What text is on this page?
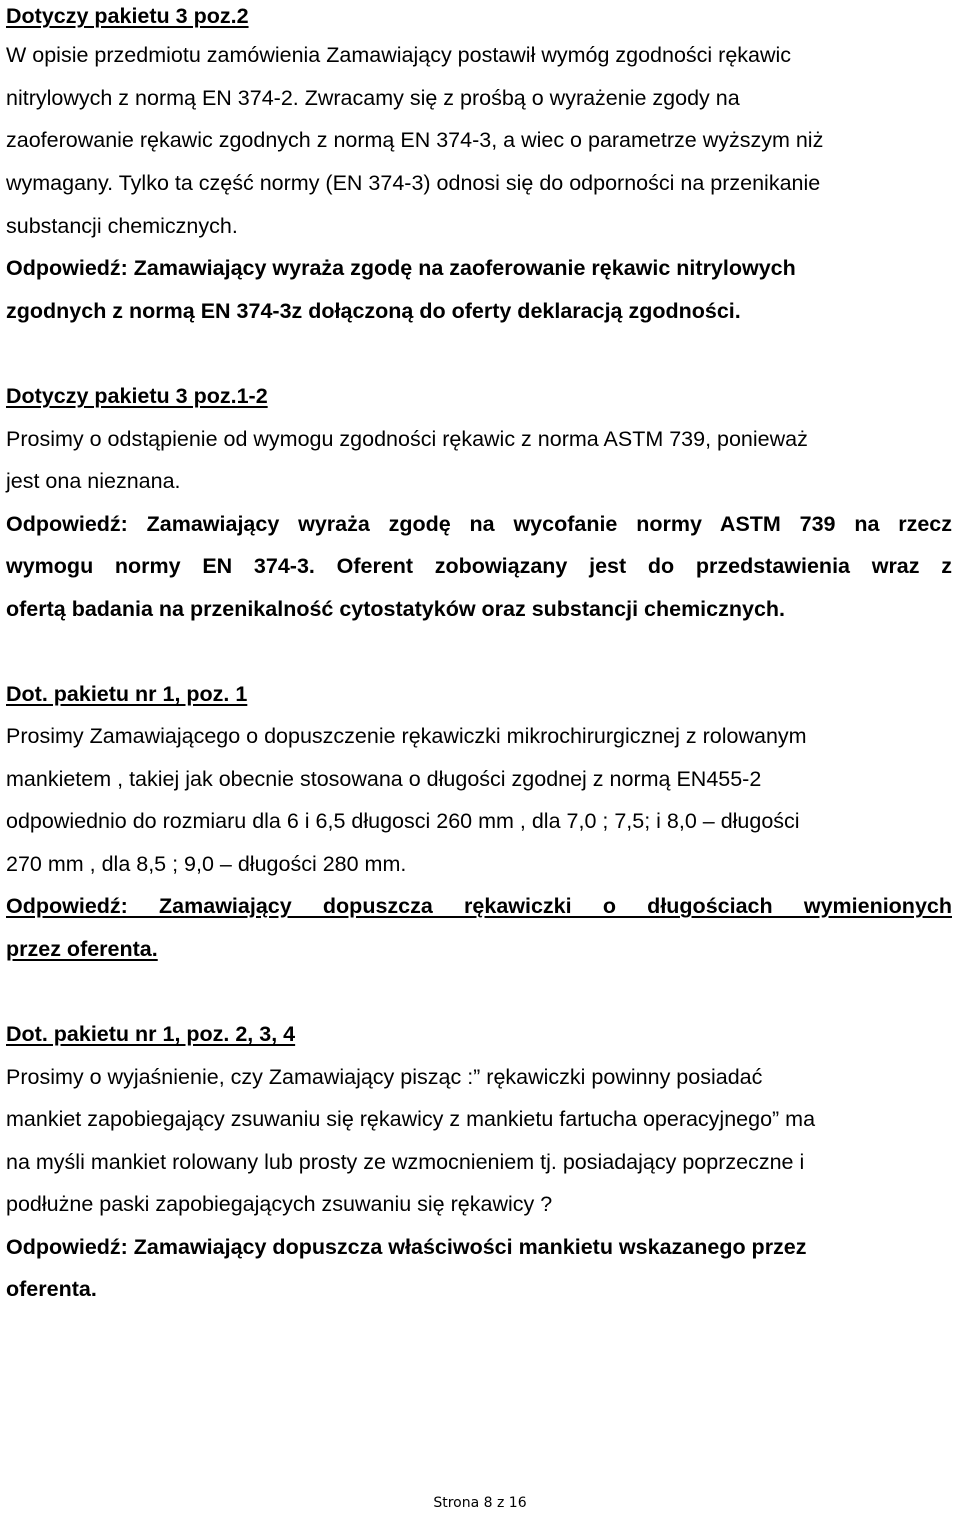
Dotyczy pakietu 3 poz.2
W opisie przedmiotu zamówienia Zamawiający postawił wymóg zgodności rękawic
nitrylowych z normą EN 374-2. Zwracamy się z prośbą o wyrażenie zgody na
zaoferowanie rękawic zgodnych z normą EN 374-3, a wiec o parametrze wyższym niż
wymagany. Tylko ta część normy (EN 374-3) odnosi się do odporności na przenikanie
substancji chemicznych.
Odpowiedź: Zamawiający wyraża zgodę na zaoferowanie rękawic nitrylowych
zgodnych z normą EN 374-3z dołączoną do oferty deklaracją zgodności.
Dotyczy pakietu 3 poz.1-2
Prosimy o odstąpienie od wymogu zgodności rękawic z norma ASTM 739, ponieważ
jest ona nieznana.
Odpowiedź: Zamawiający wyraża zgodę na wycofanie normy ASTM 739 na rzecz
wymogu normy EN 374-3. Oferent zobowiązany jest do przedstawienia wraz z
ofertą badania na przenikalność cytostatyków oraz substancji chemicznych.
Dot. pakietu nr 1, poz. 1
Prosimy Zamawiającego o dopuszczenie rękawiczki mikrochirurgicznej z rolowanym
mankietem , takiej jak obecnie stosowana o długości zgodnej z normą EN455-2
odpowiednio do rozmiaru dla 6 i 6,5 długosci 260 mm , dla 7,0 ; 7,5; i 8,0 – długości
270 mm , dla 8,5 ; 9,0 – długości 280 mm.
Odpowiedź: Zamawiający dopuszcza rękawiczki o długościach wymienionych
przez oferenta.
Dot. pakietu nr 1, poz. 2, 3, 4
Prosimy o wyjaśnienie, czy Zamawiający pisząc :” rękawiczki powinny posiadać
mankiet zapobiegający zsuwaniu się rękawicy z mankietu fartucha operacyjnego” ma
na myśli mankiet rolowany lub prosty ze wzmocnieniem tj. posiadający poprzeczne i
podłużne paski zapobiegających zsuwaniu się rękawicy ?
Odpowiedź: Zamawiający dopuszcza właściwości mankietu wskazanego przez
oferenta.
Strona 8 z 16
